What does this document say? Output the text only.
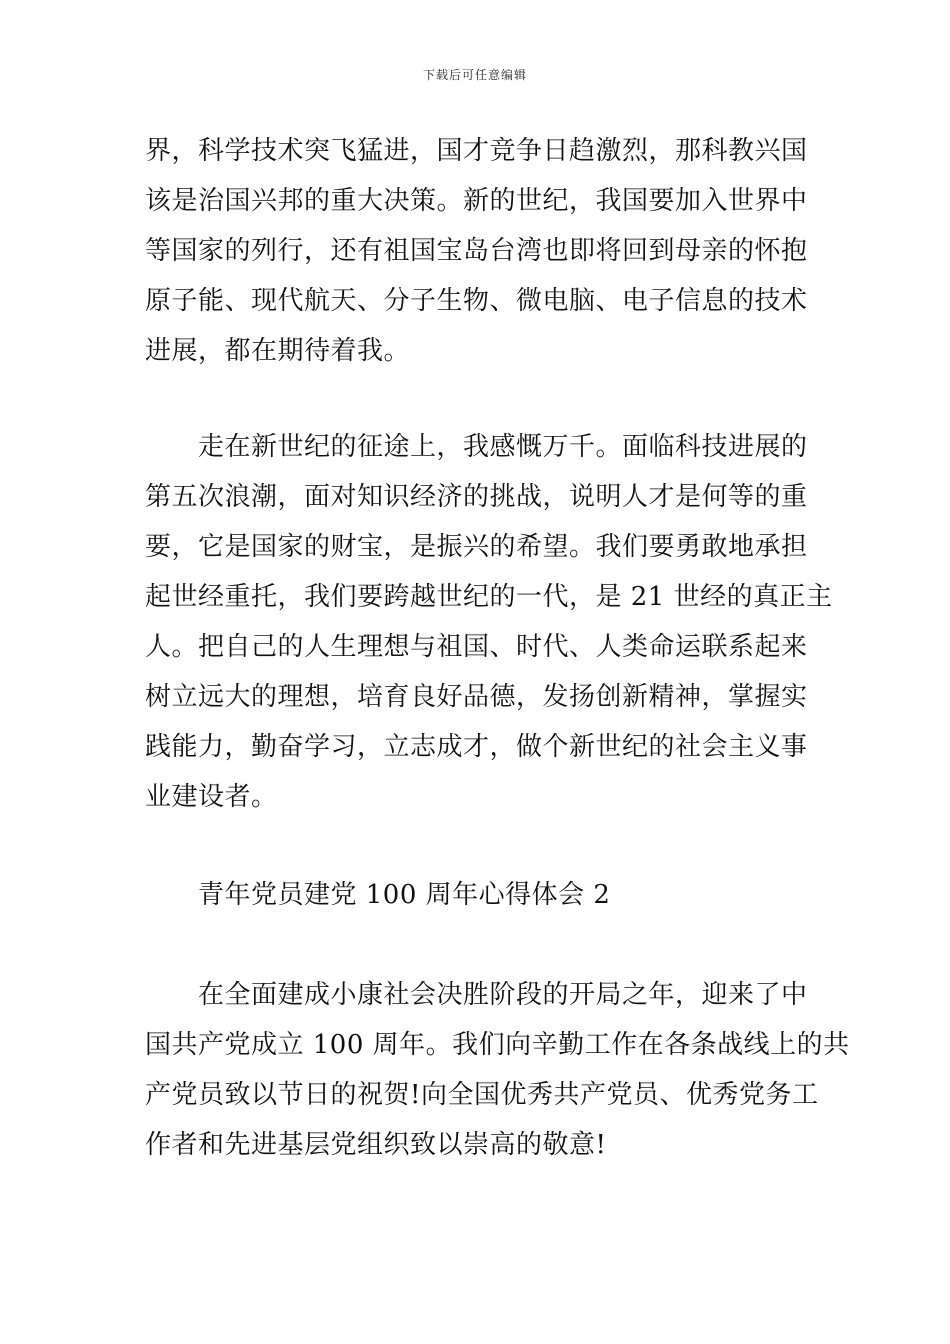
下载后可任意编辑
界，科学技术突飞猛进，国才竞争日趋激烈，那科教兴国
该是治国兴邦的重大决策。新的世纪，我国要加入世界中
等国家的列行，还有祖国宝岛台湾也即将回到母亲的怀抱
原子能、现代航天、分子生物、微电脑、电子信息的技术
进展，都在期待着我。
走在新世纪的征途上，我感慨万千。面临科技进展的
第五次浪潮，面对知识经济的挑战，说明人才是何等的重
要，它是国家的财宝，是振兴的希望。我们要勇敢地承担
起世经重托，我们要跨越世纪的一代，是 21 世经的真正主
人。把自己的人生理想与祖国、时代、人类命运联系起来
树立远大的理想，培育良好品德，发扬创新精神，掌握实
践能力，勤奋学习，立志成才，做个新世纪的社会主义事
业建设者。
青年党员建党 100 周年心得体会 2
在全面建成小康社会决胜阶段的开局之年，迎来了中
国共产党成立 100 周年。我们向辛勤工作在各条战线上的共
产党员致以节日的祝贺!向全国优秀共产党员、优秀党务工
作者和先进基层党组织致以崇高的敬意!
